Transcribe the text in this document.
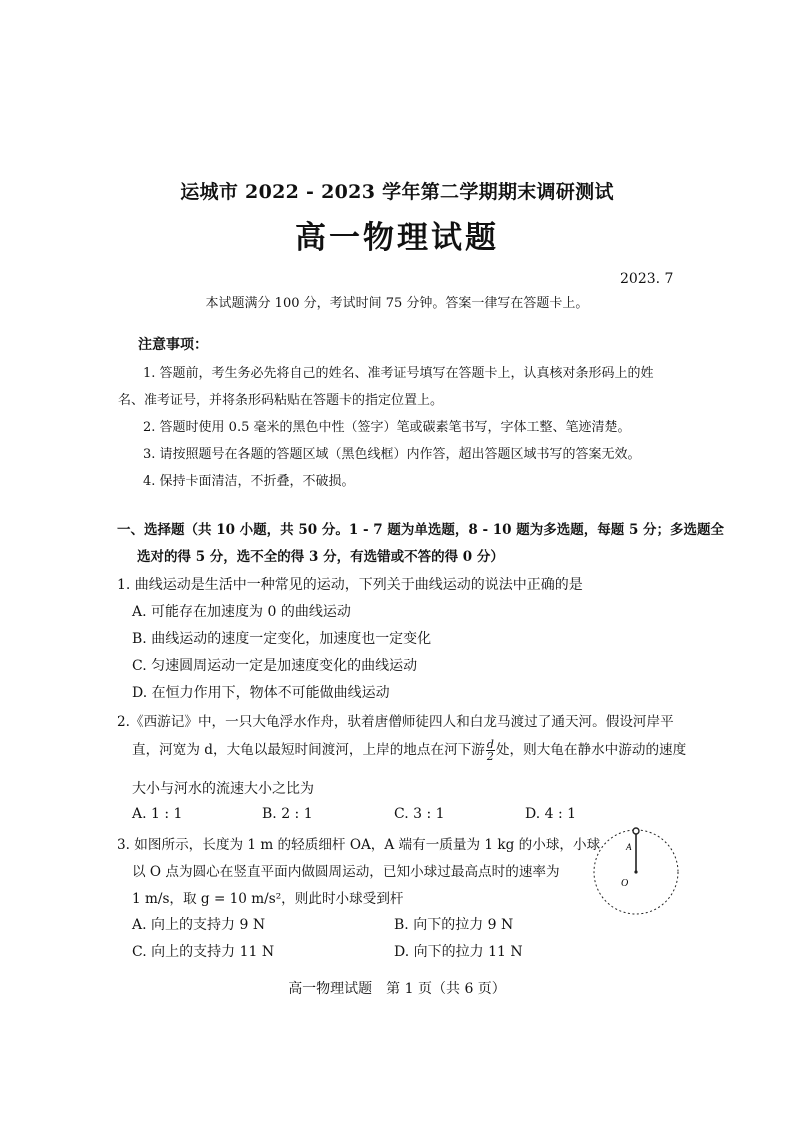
运城市 2022 - 2023 学年第二学期期末调研测试
高一物理试题
2023. 7
本试题满分 100 分，考试时间 75 分钟。答案一律写在答题卡上。
注意事项：
1. 答题前，考生务必先将自己的姓名、准考证号填写在答题卡上，认真核对条形码上的姓
名、准考证号，并将条形码粘贴在答题卡的指定位置上。
2. 答题时使用 0.5 毫米的黑色中性（签字）笔或碳素笔书写，字体工整、笔迹清楚。
3. 请按照题号在各题的答题区域（黑色线框）内作答，超出答题区域书写的答案无效。
4. 保持卡面清洁，不折叠，不破损。
一、选择题（共 10 小题，共 50 分。1 - 7 题为单选题，8 - 10 题为多选题，每题 5 分；多选题全
选对的得 5 分，选不全的得 3 分，有选错或不答的得 0 分）
1. 曲线运动是生活中一种常见的运动，下列关于曲线运动的说法中正确的是
A. 可能存在加速度为 0 的曲线运动
B. 曲线运动的速度一定变化，加速度也一定变化
C. 匀速圆周运动一定是加速度变化的曲线运动
D. 在恒力作用下，物体不可能做曲线运动
2.《西游记》中，一只大龟浮水作舟，驮着唐僧师徒四人和白龙马渡过了通天河。假设河岸平
直，河宽为 d，大龟以最短时间渡河，上岸的地点在河下游 $\frac{d}{2}$ 处，则大龟在静水中游动的速度
大小与河水的流速大小之比为
A. 1 : 1	B. 2 : 1	C. 3 : 1	D. 4 : 1
3. 如图所示，长度为 1 m 的轻质细杆 OA，A 端有一质量为 1 kg 的小球，小球
以 O 点为圆心在竖直平面内做圆周运动，已知小球过最高点时的速率为
1 m/s，取 g = 10 m/s²，则此时小球受到杆
A. 向上的支持力 9 N	B. 向下的拉力 9 N
C. 向上的支持力 11 N	D. 向下的拉力 11 N
A
O
高一物理试题　第 1 页（共 6 页）
